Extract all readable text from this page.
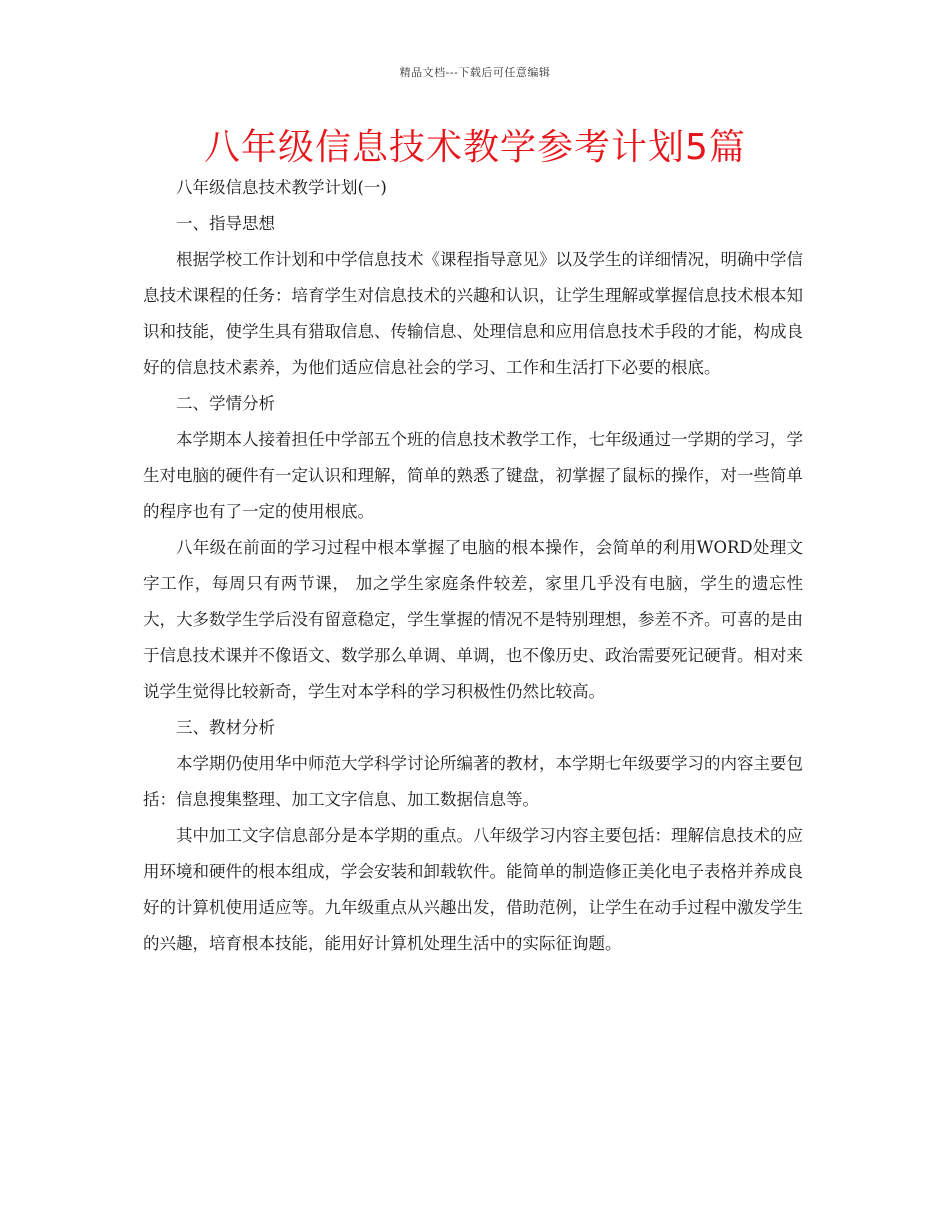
精品文档---下载后可任意编辑
八年级信息技术教学参考计划5篇

八年级信息技术教学计划(一)

一、指导思想

根据学校工作计划和中学信息技术《课程指导意见》以及学生的详细情况，明确中学信息技术课程的任务：培育学生对信息技术的兴趣和认识，让学生理解或掌握信息技术根本知识和技能，使学生具有猎取信息、传输信息、处理信息和应用信息技术手段的才能，构成良好的信息技术素养，为他们适应信息社会的学习、工作和生活打下必要的根底。

二、学情分析

本学期本人接着担任中学部五个班的信息技术教学工作，七年级通过一学期的学习，学生对电脑的硬件有一定认识和理解，简单的熟悉了键盘，初掌握了鼠标的操作，对一些简单的程序也有了一定的使用根底。

八年级在前面的学习过程中根本掌握了电脑的根本操作，会简单的利用WORD处理文字工作，每周只有两节课， 加之学生家庭条件较差，家里几乎没有电脑，学生的遗忘性大，大多数学生学后没有留意稳定，学生掌握的情况不是特别理想，参差不齐。可喜的是由于信息技术课并不像语文、数学那么单调、单调，也不像历史、政治需要死记硬背。相对来说学生觉得比较新奇，学生对本学科的学习积极性仍然比较高。

三、教材分析

本学期仍使用华中师范大学科学讨论所编著的教材，本学期七年级要学习的内容主要包括：信息搜集整理、加工文字信息、加工数据信息等。

其中加工文字信息部分是本学期的重点。八年级学习内容主要包括：理解信息技术的应用环境和硬件的根本组成，学会安装和卸载软件。能简单的制造修正美化电子表格并养成良好的计算机使用适应等。九年级重点从兴趣出发，借助范例，让学生在动手过程中激发学生的兴趣，培育根本技能，能用好计算机处理生活中的实际征询题。
